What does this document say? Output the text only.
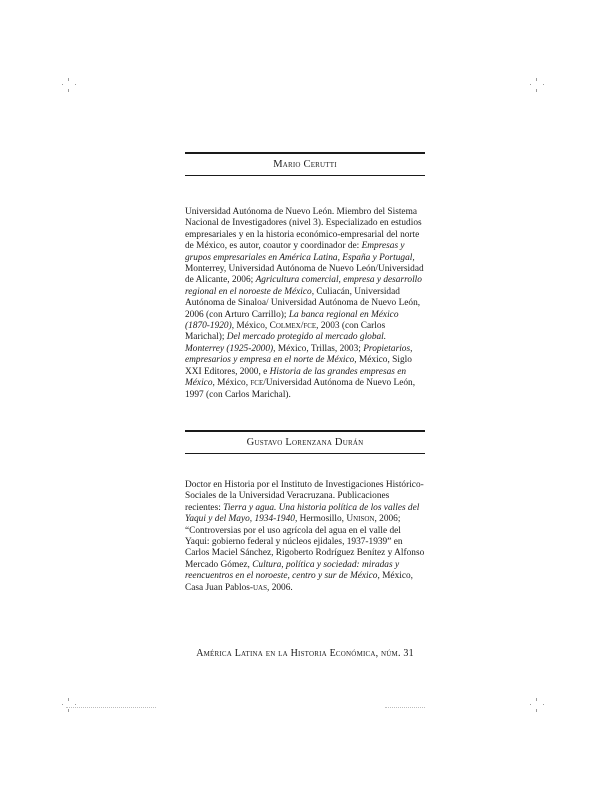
Mario Cerutti
Universidad Autónoma de Nuevo León. Miembro del Sistema Nacional de Investigadores (nivel 3). Especializado en estudios empresariales y en la historia económico-empresarial del norte de México, es autor, coautor y coordinador de: Empresas y grupos empresariales en América Latina, España y Portugal, Monterrey, Universidad Autónoma de Nuevo León/Universidad de Alicante, 2006; Agricultura comercial, empresa y desarrollo regional en el noroeste de México, Culiacán, Universidad Autónoma de Sinaloa/ Universidad Autónoma de Nuevo León, 2006 (con Arturo Carrillo); La banca regional en México (1870-1920), México, Colmex/fce, 2003 (con Carlos Marichal); Del mercado protegido al mercado global. Monterrey (1925-2000), México, Trillas, 2003; Propietarios, empresarios y empresa en el norte de México, México, Siglo XXI Editores, 2000, e Historia de las grandes empresas en México, México, fce/Universidad Autónoma de Nuevo León, 1997 (con Carlos Marichal).
Gustavo Lorenzana Durán
Doctor en Historia por el Instituto de Investigaciones Histórico-Sociales de la Universidad Veracruzana. Publicaciones recientes: Tierra y agua. Una historia política de los valles del Yaqui y del Mayo, 1934-1940, Hermosillo, Unison, 2006; “Controversias por el uso agrícola del agua en el valle del Yaqui: gobierno federal y núcleos ejidales, 1937-1939” en Carlos Maciel Sánchez, Rigoberto Rodríguez Benítez y Alfonso Mercado Gómez, Cultura, política y sociedad: miradas y reencuentros en el noroeste, centro y sur de México, México, Casa Juan Pablos-uas, 2006.
América Latina en la Historia Económica, núm. 31
